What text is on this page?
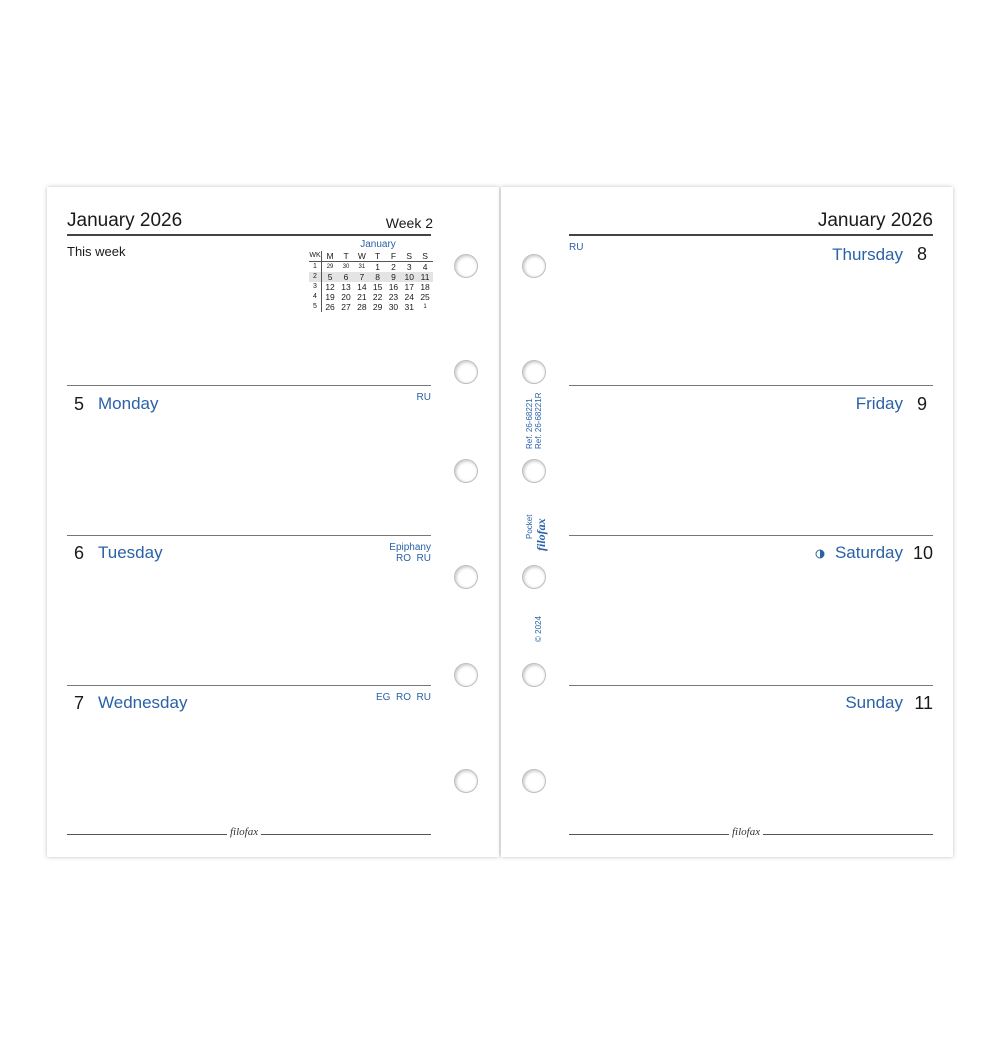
January 2026	Week 2
This week	January
WK	M	T	W	T	F	S	S
1	29	30	31	1	2	3	4
2	5	6	7	8	9	10	11
3	12	13	14	15	16	17	18
4	19	20	21	22	23	24	25
5	26	27	28	29	30	31	1
5 Monday	RU
6 Tuesday	Epiphany
RO RU
7 Wednesday	EG RO RU
filofax
January 2026
RU	8
Thursday
9
Friday
10
Saturday
11
Sunday
filofax
Ref. 26-68221 Ref. 26-68221R
Pocket filofax
© 2024
